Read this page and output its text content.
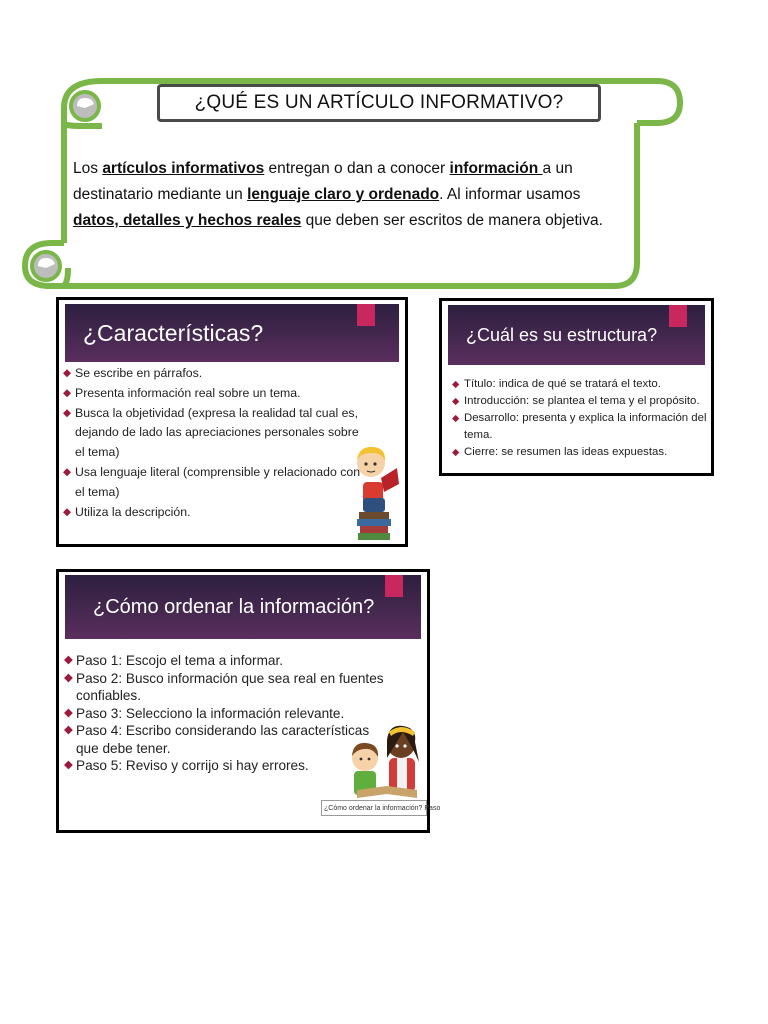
¿QUÉ ES UN ARTÍCULO INFORMATIVO?
Los artículos informativos entregan o dan a conocer información a un destinatario mediante un lenguaje claro y ordenado. Al informar usamos datos, detalles y hechos reales que deben ser escritos de manera objetiva.
¿Características?
◆ Se escribe en párrafos.
◆ Presenta información real sobre un tema.
◆ Busca la objetividad (expresa la realidad tal cual es, dejando de lado las apreciaciones personales sobre el tema)
◆ Usa lenguaje literal (comprensible y relacionado con el tema)
◆ Utiliza la descripción.
¿Cuál es su estructura?
◆ Título: indica de qué se tratará el texto.
◆ Introducción: se plantea el tema y el propósito.
◆ Desarrollo: presenta y explica la información del tema.
◆ Cierre: se resumen las ideas expuestas.
¿Cómo ordenar la información?
◆ Paso 1: Escojo el tema a informar.
◆ Paso 2: Busco información que sea real en fuentes confiables.
◆ Paso 3: Selecciono la información relevante.
◆ Paso 4: Escribo considerando las características que debe tener.
◆ Paso 5: Reviso y corrijo si hay errores.
¿Cómo ordenar la información? Paso
